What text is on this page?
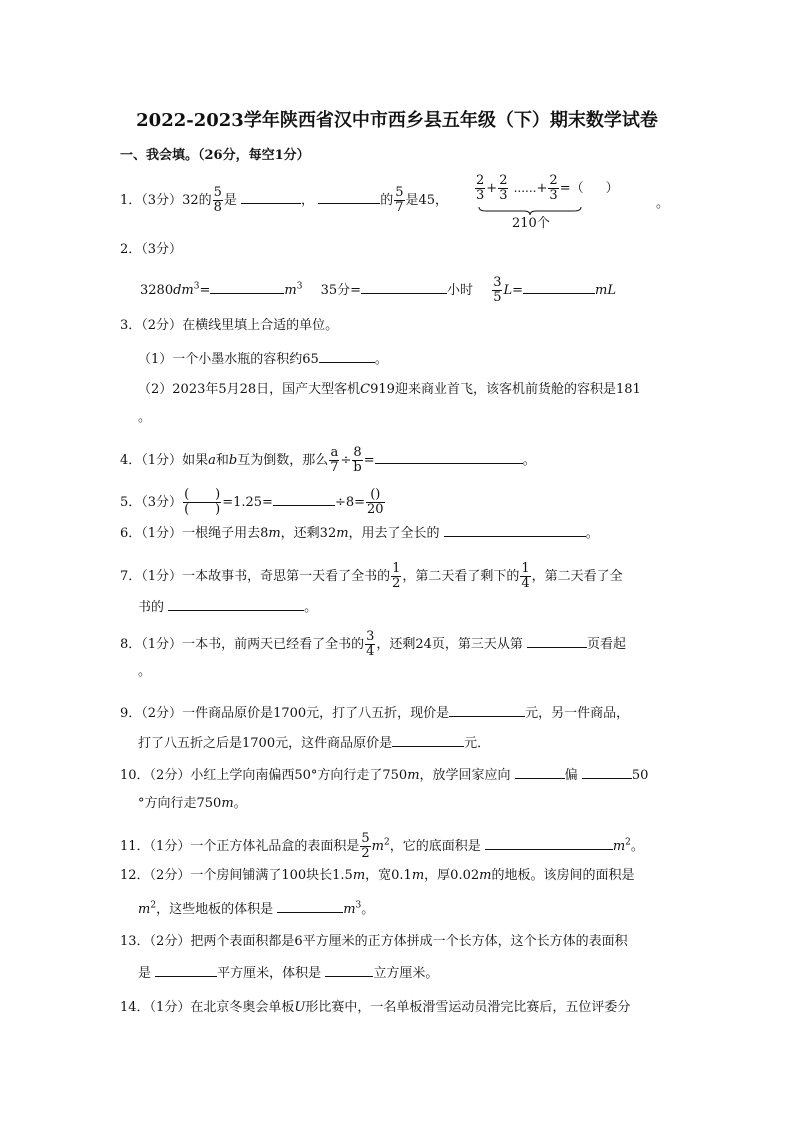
2022-2023学年陕西省汉中市西乡县五年级（下）期末数学试卷
一、我会填。（26分，每空1分）
1．（3分）32的 $\frac{5}{8}$ 是	，	的 $\frac{5}{7}$ 是45， $\frac{2}{3} + \frac{2}{3}$ ......+ $\frac{2}{3}$ =（ ）
210个
。
2．（3分）
$3280dm^3=$	$m^3$ 35分=	小时 $\frac{3}{5} L=$	mL
3．（2分）在横线里填上合适的单位。
（1）一个小墨水瓶的容积约65	。
（2）2023年5月28日，国产大型客机C919迎来商业首飞，该客机前货舱的容积是181
。
4．（1分）如果a和b互为倒数，那么 $\frac{a}{7} \div \frac{8}{b}$ =	。
5．（3分） $\frac{( )}{( )} =1.25=$	$\div 8= \frac{()}{20}$
6．（1分）一根绳子用去8m，还剩32m，用去了全长的	。
7．（1分）一本故事书，奇思第一天看了全书的 $\frac{1}{2}$ ，第二天看了剩下的 $\frac{1}{4}$ ，第二天看了全
书的	。
8．（1分）一本书，前两天已经看了全书的 $\frac{3}{4}$ ，还剩24页，第三天从第	页看起
。
9．（2分）一件商品原价是1700元，打了八五折，现价是	元，另一件商品，
打了八五折之后是1700元，这件商品原价是	元．
10．（2分）小红上学向南偏西50°方向行走了750m，放学回家应向	偏	50
°方向行走750m。
11．（1分）一个正方体礼品盒的表面积是 $\frac{5}{2} m^2$，它的底面积是	$m^2$。
12．（2分）一个房间铺满了100块长1.5m，宽0.1m，厚0.02m的地板。该房间的面积是
$m^2$，这些地板的体积是	$m^3$。
13．（2分）把两个表面积都是6平方厘米的正方体拼成一个长方体，这个长方体的表面积
是	平方厘米，体积是	立方厘米。
14．（1分）在北京冬奥会单板U形比赛中，一名单板滑雪运动员滑完比赛后，五位评委分
